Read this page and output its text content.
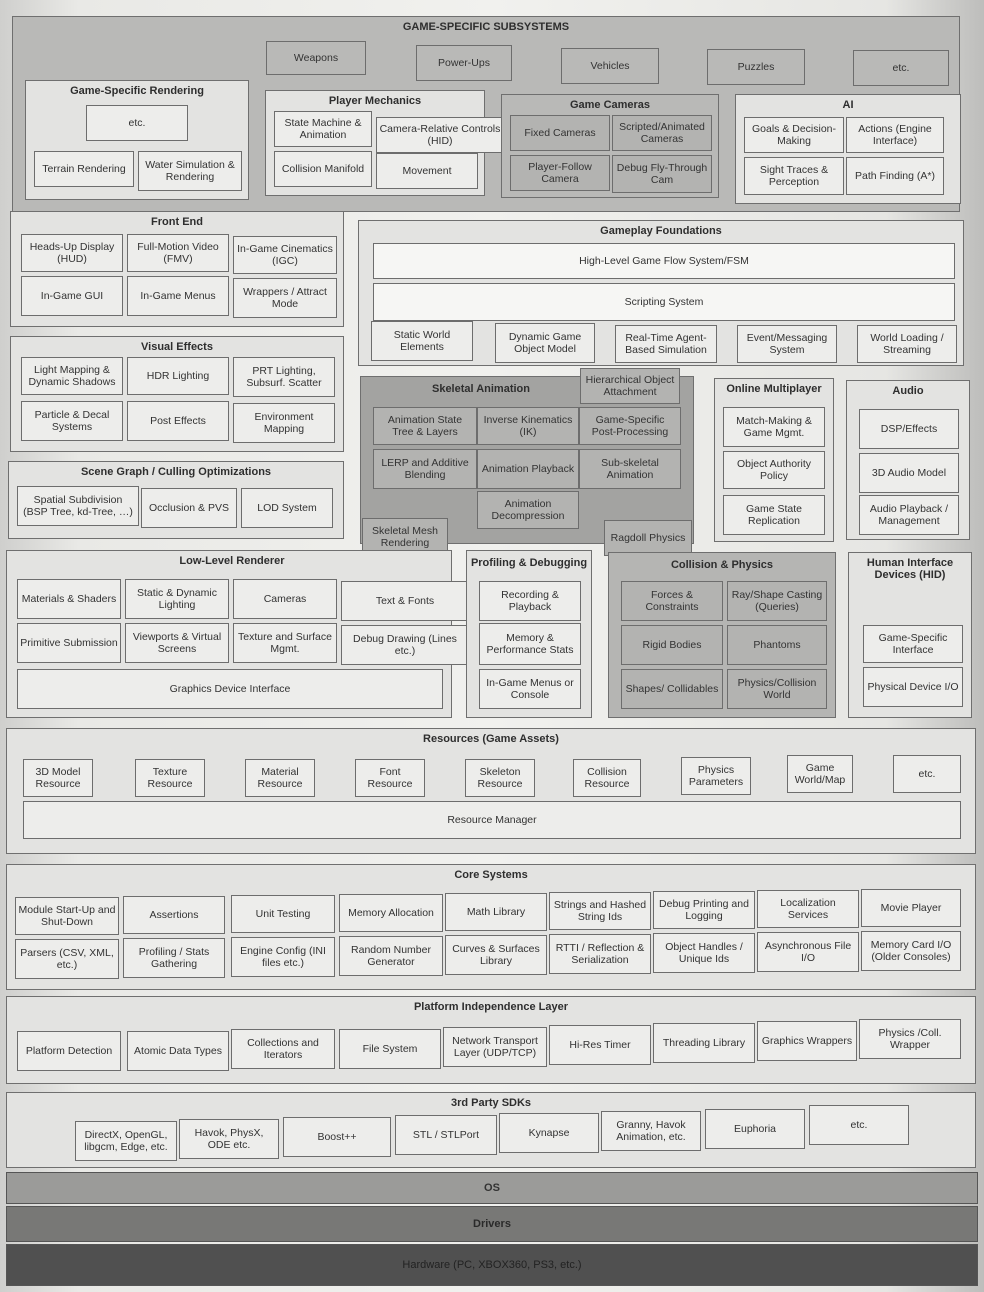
GAME-SPECIFIC SUBSYSTEMS
Weapons	Power-Ups	Vehicles	Puzzles	etc.
Game-Specific Rendering
etc.
Terrain Rendering	Water Simulation & Rendering
Player Mechanics
State Machine & Animation	Camera-Relative Controls (HID)
Collision Manifold	Movement
Game Cameras
Fixed Cameras	Scripted/Animated Cameras
Player-Follow Camera
Debug Fly-Through Cam
AI
Goals & Decision-Making
Actions (Engine Interface)
Sight Traces & Perception	Path Finding (A*)
Front End
Heads-Up Display (HUD)
Full-Motion Video (FMV)
In-Game Cinematics (IGC)
In-Game GUI	In-Game Menus	Wrappers / Attract Mode
Visual Effects
Light Mapping & Dynamic Shadows	HDR Lighting	PRT Lighting, Subsurf. Scatter
Particle & Decal Systems	Post Effects	Environment Mapping
Scene Graph / Culling Optimizations
Spatial Subdivision (BSP Tree, kd-Tree, …)	Occlusion & PVS	LOD System
Gameplay Foundations
High-Level Game Flow System/FSM
Scripting System
Static World Elements
Dynamic Game Object Model
Real-Time Agent-Based Simulation
Event/Messaging System
World Loading / Streaming
Skeletal Animation
Animation State Tree & Layers
Inverse Kinematics (IK)
Game-Specific Post-Processing
LERP and Additive Blending	Animation Playback	Sub-skeletal Animation
Animation Decompression
Hierarchical Object Attachment
Skeletal Mesh Rendering	Ragdoll Physics
Online Multiplayer
Match-Making & Game Mgmt.
Object Authority Policy
Game State Replication
Audio
DSP/Effects
3D Audio Model
Audio Playback / Management
Low-Level Renderer
Materials & Shaders	Static & Dynamic Lighting	Cameras	Text & Fonts
Primitive Submission	Viewports & Virtual Screens
Texture and Surface Mgmt.
Debug Drawing (Lines etc.)
Graphics Device Interface
Profiling & Debugging
Recording & Playback
Memory & Performance Stats
In-Game Menus or Console
Collision & Physics
Forces & Constraints
Ray/Shape Casting (Queries)
Rigid Bodies	Phantoms
Shapes/ Collidables	Physics/Collision World
Human Interface Devices (HID)
Game-Specific Interface
Physical Device I/O
Resources (Game Assets)
3D Model Resource
Texture Resource
Material Resource
Font Resource
Skeleton Resource
Collision Resource
Physics Parameters
Game World/Map	etc.
Resource Manager
Core Systems
Module Start-Up and Shut-Down
Assertions	Unit Testing	Memory Allocation	Math Library
Strings and Hashed String Ids
Debug Printing and Logging
Localization Services
Movie Player
Parsers (CSV, XML, etc.)
Profiling / Stats Gathering
Engine Config (INI files etc.)
Random Number Generator
Curves & Surfaces Library
RTTI / Reflection & Serialization
Object Handles / Unique Ids
Asynchronous File I/O
Memory Card I/O (Older Consoles)
Platform Independence Layer
Platform Detection	Atomic Data Types
Collections and Iterators	File System
Network Transport Layer (UDP/TCP)
Hi-Res Timer	Threading Library	Graphics Wrappers
Physics /Coll. Wrapper
3rd Party SDKs
DirectX, OpenGL, libgcm, Edge, etc.
Havok, PhysX, ODE etc.
Boost++	STL / STLPort	Kynapse
Granny, Havok Animation, etc.
Euphoria	etc.
OS
Drivers
Hardware (PC, XBOX360, PS3, etc.)
